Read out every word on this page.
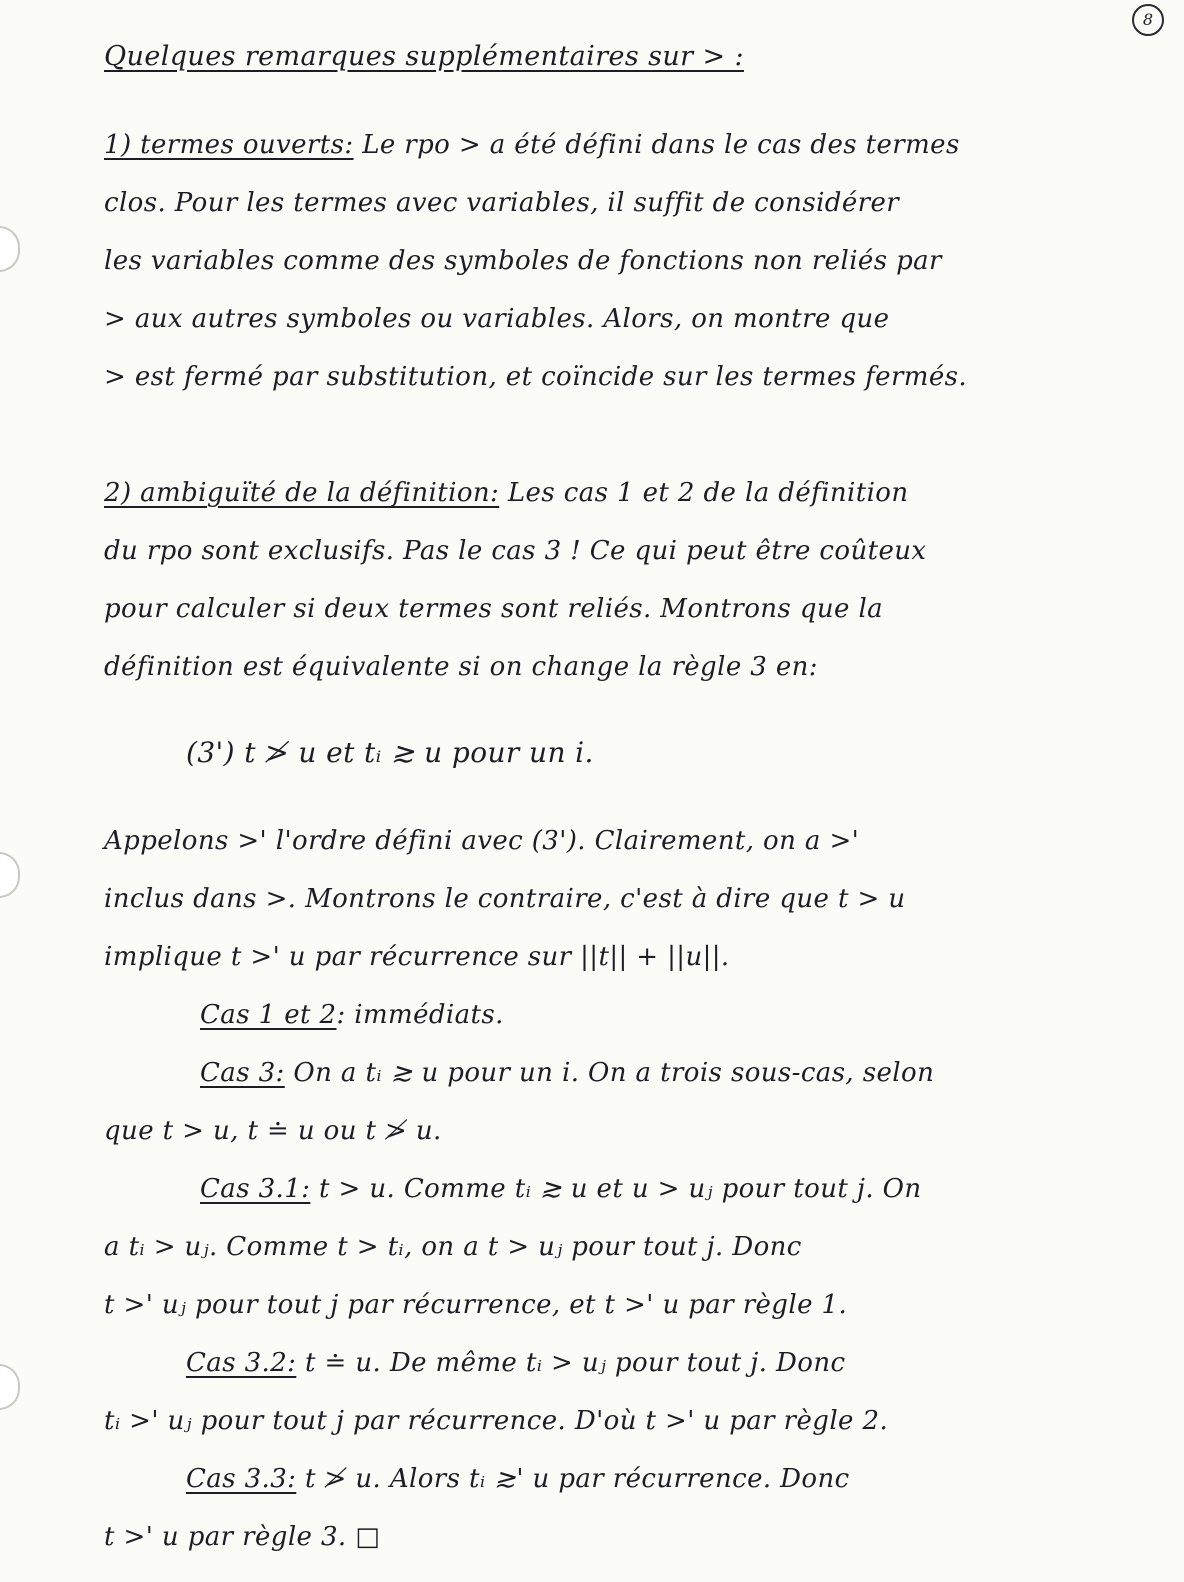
8
Quelques remarques supplémentaires sur > :
1) termes ouverts: Le rpo > a été défini dans le cas des termes
clos. Pour les termes avec variables, il suffit de considérer
les variables comme des symboles de fonctions non reliés par
> aux autres symboles ou variables. Alors, on montre que
> est fermé par substitution, et coïncide sur les termes fermés.
2) ambiguïté de la définition: Les cas 1 et 2 de la définition
du rpo sont exclusifs. Pas le cas 3 ! Ce qui peut être coûteux
pour calculer si deux termes sont reliés. Montrons que la
définition est équivalente si on change la règle 3 en:
(3') t ≯ u et tᵢ ≳ u pour un i.
Appelons >' l'ordre défini avec (3'). Clairement, on a >'
inclus dans >. Montrons le contraire, c'est à dire que t > u
implique t >' u par récurrence sur ||t|| + ||u||.
Cas 1 et 2: immédiats.
Cas 3: On a tᵢ ≳ u pour un i. On a trois sous-cas, selon
que t > u, t ≐ u ou t ≯ u.
Cas 3.1: t > u. Comme tᵢ ≳ u et u > uⱼ pour tout j. On
a tᵢ > uⱼ. Comme t > tᵢ, on a t > uⱼ pour tout j. Donc
t >' uⱼ pour tout j par récurrence, et t >' u par règle 1.
Cas 3.2: t ≐ u. De même tᵢ > uⱼ pour tout j. Donc
tᵢ >' uⱼ pour tout j par récurrence. D'où t >' u par règle 2.
Cas 3.3: t ≯ u. Alors tᵢ ≳' u par récurrence. Donc
t >' u par règle 3. □
